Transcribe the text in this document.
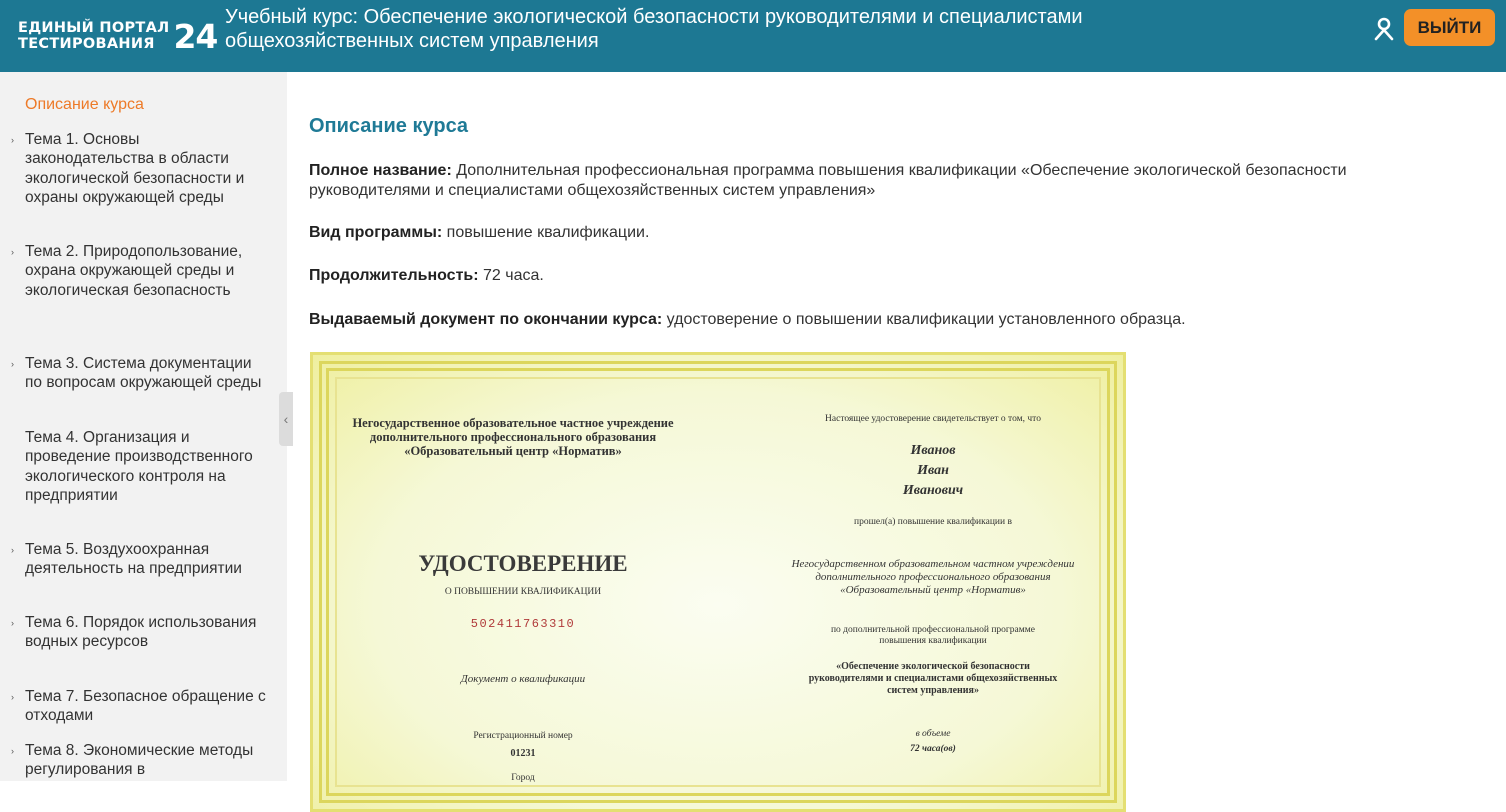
ЕДИНЫЙ ПОРТАЛ
ТЕСТИРОВАНИЯ 24 Учебный курс: Обеспечение экологической безопасности руководителями и специалистами общехозяйственных систем управления
ВЫЙТИ
Описание курса
› Тема 1. Основы законодательства в области экологической безопасности и охраны окружающей среды
› Тема 2. Природопользование, охрана окружающей среды и экологическая безопасность
› Тема 3. Система документации по вопросам окружающей среды
Тема 4. Организация и проведение производственного экологического контроля на предприятии
› Тема 5. Воздухоохранная деятельность на предприятии
› Тема 6. Порядок использования водных ресурсов
› Тема 7. Безопасное обращение с отходами
› Тема 8. Экономические методы регулирования в
‹
Описание курса
Полное название: Дополнительная профессиональная программа повышения квалификации «Обеспечение экологической безопасности руководителями и специалистами общехозяйственных систем управления»
Вид программы: повышение квалификации.
Продолжительность: 72 часа.
Выдаваемый документ по окончании курса: удостоверение о повышении квалификации установленного образца.
Негосударственное образовательное частное учреждение
дополнительного профессионального образования
«Образовательный центр «Норматив»
УДОСТОВЕРЕНИЕ
О ПОВЫШЕНИИ КВАЛИФИКАЦИИ
502411763310
Документ о квалификации
Регистрационный номер
01231
Город
Настоящее удостоверение свидетельствует о том, что
Иванов
Иван
Иванович
прошел(а) повышение квалификации в
Негосударственном образовательном частном учреждении
дополнительного профессионального образования
«Образовательный центр «Норматив»
по дополнительной профессиональной программе
повышения квалификации
«Обеспечение экологической безопасности
руководителями и специалистами общехозяйственных
систем управления»
в объеме
72 часа(ов)
